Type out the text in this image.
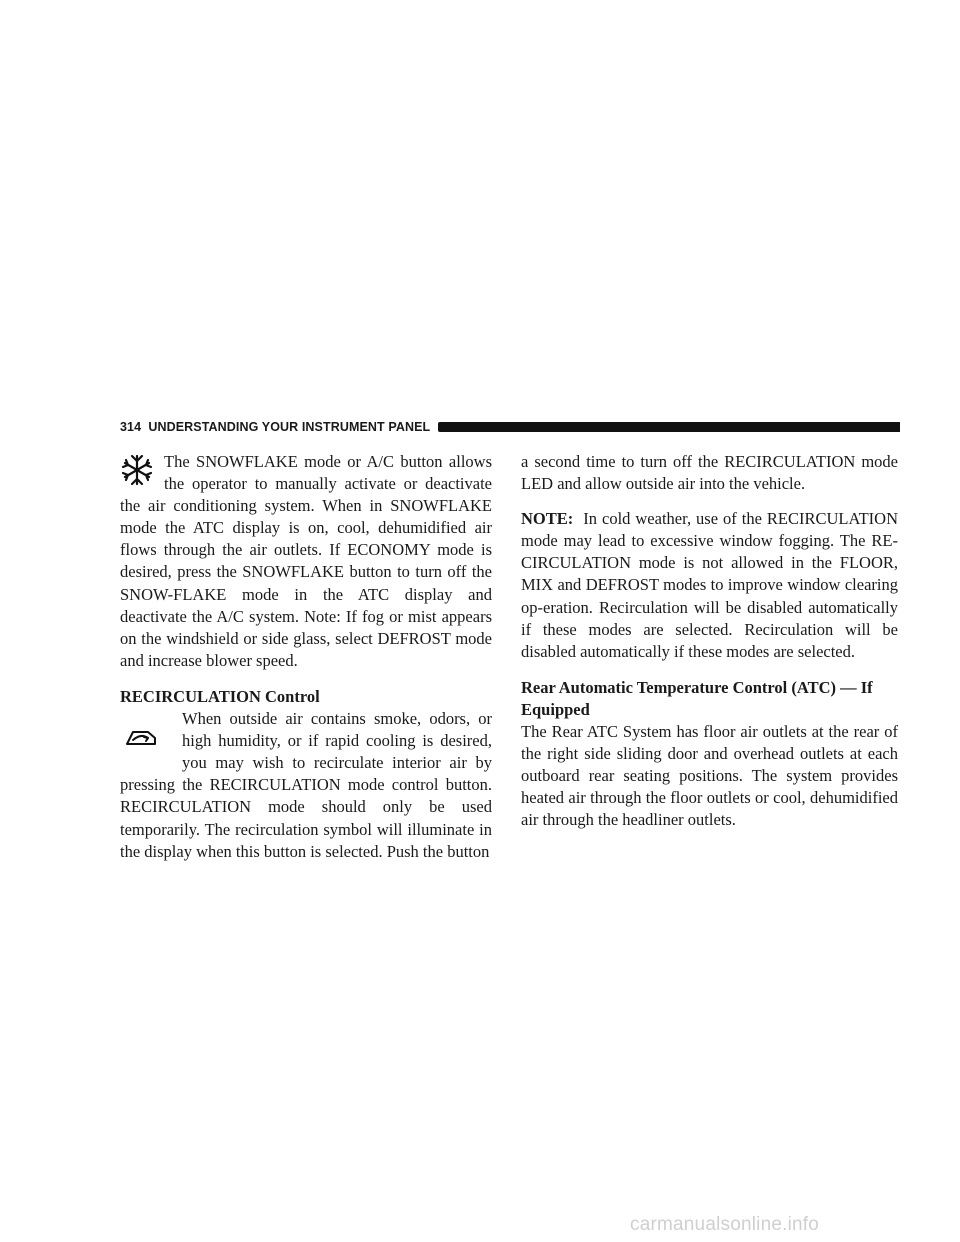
314 UNDERSTANDING YOUR INSTRUMENT PANEL

The SNOWFLAKE mode or A/C button allows the operator to manually activate or deactivate the air conditioning system. When in SNOWFLAKE mode the ATC display is on, cool, dehumidified air flows through the air outlets. If ECONOMY mode is desired, press the SNOWFLAKE button to turn off the SNOW-FLAKE mode in the ATC display and deactivate the A/C system. Note: If fog or mist appears on the windshield or side glass, select DEFROST mode and increase blower speed.

RECIRCULATION Control

When outside air contains smoke, odors, or high humidity, or if rapid cooling is desired, you may wish to recirculate interior air by pressing the RECIRCULATION mode control button. RECIRCULATION mode should only be used temporarily. The recirculation symbol will illuminate in the display when this button is selected. Push the button

a second time to turn off the RECIRCULATION mode LED and allow outside air into the vehicle.

NOTE: In cold weather, use of the RECIRCULATION mode may lead to excessive window fogging. The RE-CIRCULATION mode is not allowed in the FLOOR, MIX and DEFROST modes to improve window clearing op-eration. Recirculation will be disabled automatically if these modes are selected. Recirculation will be disabled automatically if these modes are selected.

Rear Automatic Temperature Control (ATC) — If Equipped

The Rear ATC System has floor air outlets at the rear of the right side sliding door and overhead outlets at each outboard rear seating positions. The system provides heated air through the floor outlets or cool, dehumidified air through the headliner outlets.

carmanualsonline.info
